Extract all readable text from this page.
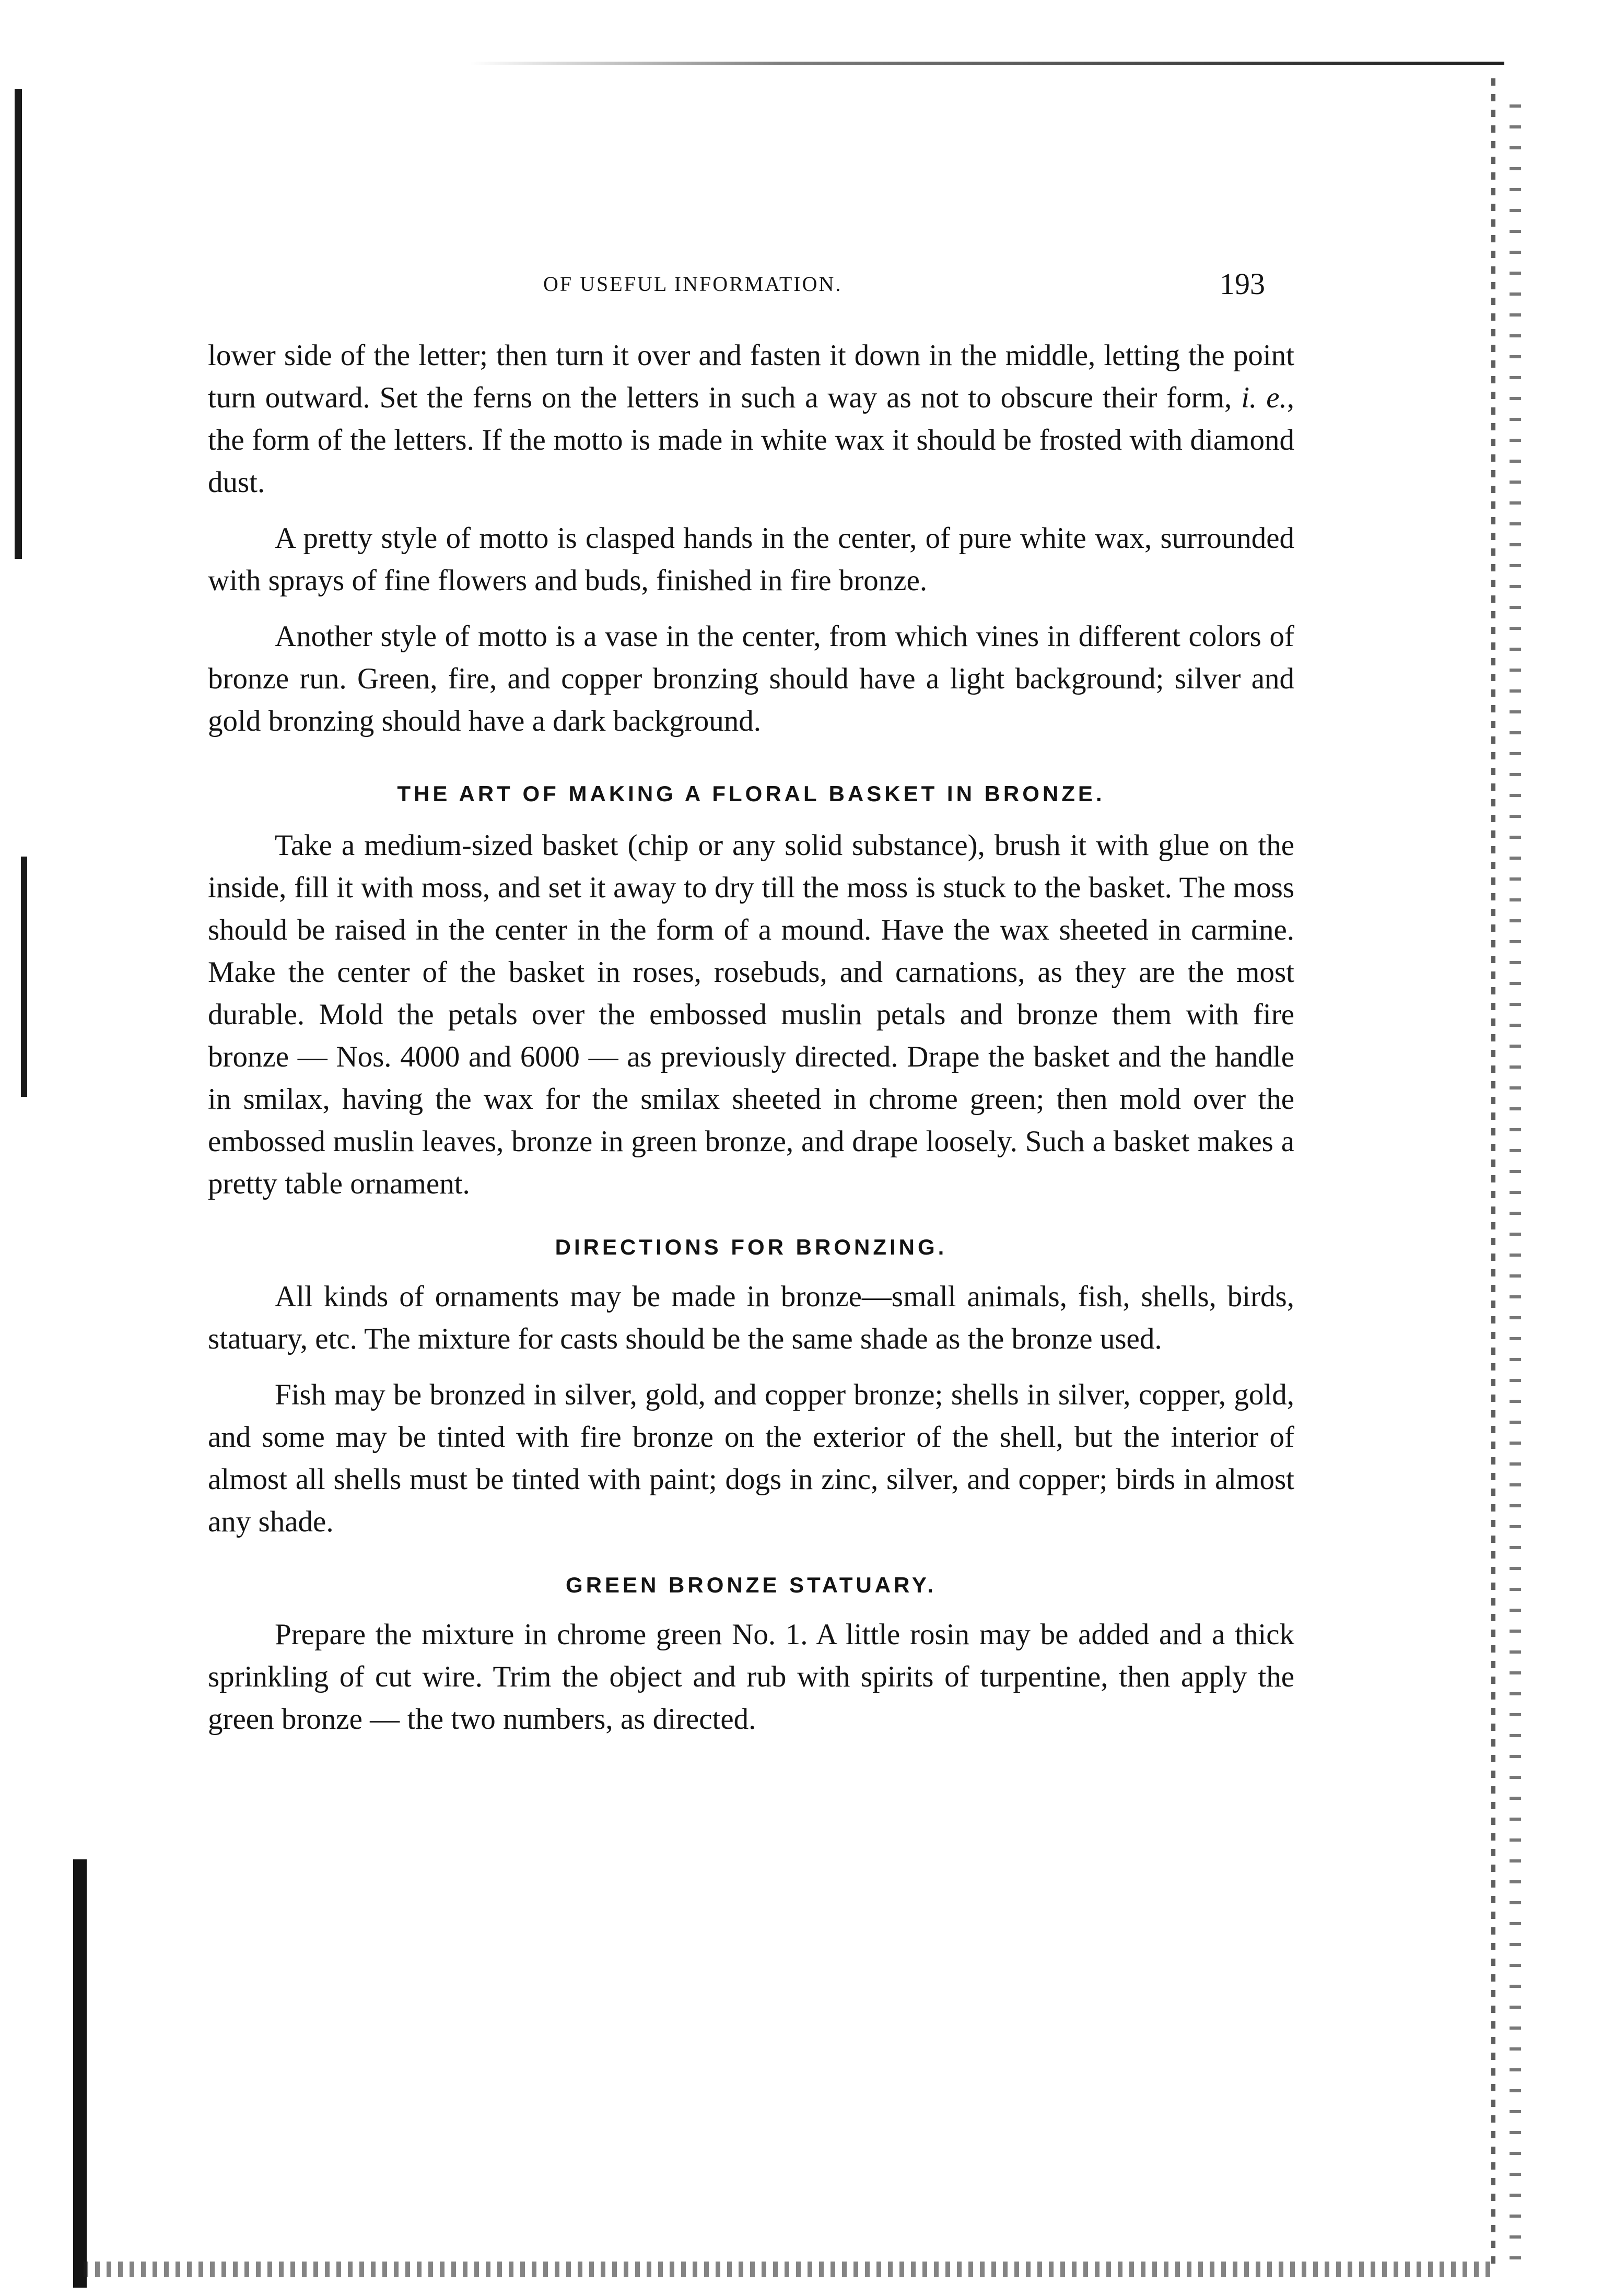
OF USEFUL INFORMATION.	193

lower side of the letter; then turn it over and fasten it down in the middle, letting the point turn outward. Set the ferns on the letters in such a way as not to obscure their form, i. e., the form of the letters. If the motto is made in white wax it should be frosted with diamond dust.

A pretty style of motto is clasped hands in the center, of pure white wax, surrounded with sprays of fine flowers and buds, finished in fire bronze.

Another style of motto is a vase in the center, from which vines in different colors of bronze run. Green, fire, and copper bronzing should have a light background; silver and gold bronzing should have a dark background.

THE ART OF MAKING A FLORAL BASKET IN BRONZE.

Take a medium-sized basket (chip or any solid substance), brush it with glue on the inside, fill it with moss, and set it away to dry till the moss is stuck to the basket. The moss should be raised in the center in the form of a mound. Have the wax sheeted in carmine. Make the center of the basket in roses, rosebuds, and carnations, as they are the most durable. Mold the petals over the embossed muslin petals and bronze them with fire bronze — Nos. 4000 and 6000 — as previously directed. Drape the basket and the handle in smilax, having the wax for the smilax sheeted in chrome green; then mold over the embossed muslin leaves, bronze in green bronze, and drape loosely. Such a basket makes a pretty table ornament.

DIRECTIONS FOR BRONZING.

All kinds of ornaments may be made in bronze—small animals, fish, shells, birds, statuary, etc. The mixture for casts should be the same shade as the bronze used.

Fish may be bronzed in silver, gold, and copper bronze; shells in silver, copper, gold, and some may be tinted with fire bronze on the exterior of the shell, but the interior of almost all shells must be tinted with paint; dogs in zinc, silver, and copper; birds in almost any shade.

GREEN BRONZE STATUARY.

Prepare the mixture in chrome green No. 1. A little rosin may be added and a thick sprinkling of cut wire. Trim the object and rub with spirits of turpentine, then apply the green bronze — the two numbers, as directed.
